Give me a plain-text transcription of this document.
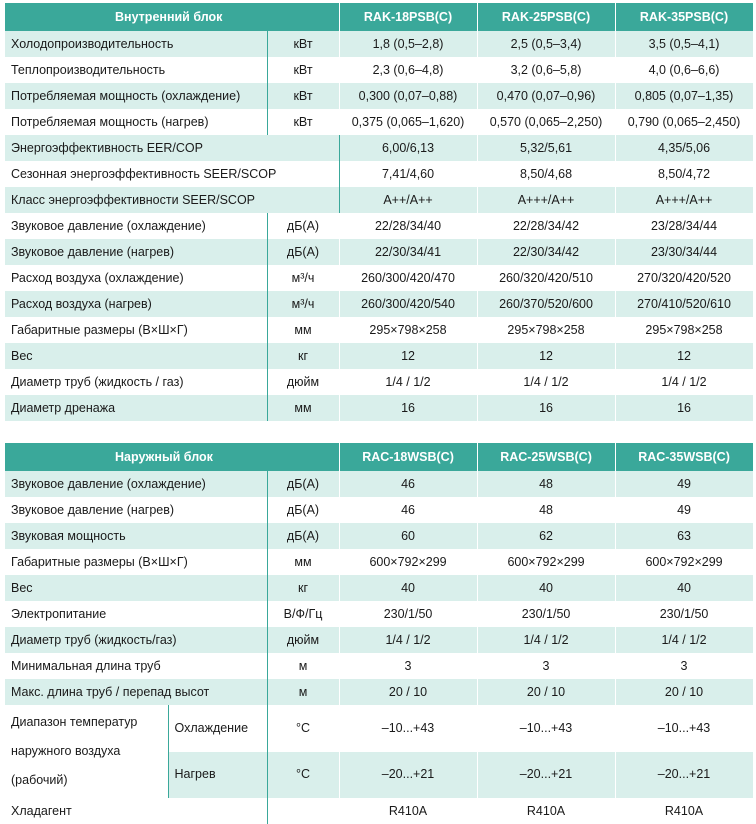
Внутренний блок		RAK-18PSB(C)	RAK-25PSB(C)	RAK-35PSB(C)
Холодопроизводительность	кВт	1,8 (0,5–2,8)	2,5 (0,5–3,4)	3,5 (0,5–4,1)
Теплопроизводительность	кВт	2,3 (0,6–4,8)	3,2 (0,6–5,8)	4,0 (0,6–6,6)
Потребляемая мощность (охлаждение)	кВт	0,300 (0,07–0,88)	0,470 (0,07–0,96)	0,805 (0,07–1,35)
Потребляемая мощность (нагрев)	кВт	0,375 (0,065–1,620)	0,570 (0,065–2,250)	0,790 (0,065–2,450)
Энергоэффективность EER/COP		6,00/6,13	5,32/5,61	4,35/5,06
Сезонная энергоэффективность SEER/SCOP		7,41/4,60	8,50/4,68	8,50/4,72
Класс энергоэффективности SEER/SCOP		A++/A++	A+++/A++	A+++/A++
Звуковое давление (охлаждение)	дБ(А)	22/28/34/40	22/28/34/42	23/28/34/44
Звуковое давление (нагрев)	дБ(А)	22/30/34/41	22/30/34/42	23/30/34/44
Расход воздуха (охлаждение)	м³/ч	260/300/420/470	260/320/420/510	270/320/420/520
Расход воздуха (нагрев)	м³/ч	260/300/420/540	260/370/520/600	270/410/520/610
Габаритные размеры (В×Ш×Г)	мм	295×798×258	295×798×258	295×798×258
Вес	кг	12	12	12
Диаметр труб (жидкость / газ)	дюйм	1/4 / 1/2	1/4 / 1/2	1/4 / 1/2
Диаметр дренажа	мм	16	16	16
Наружный блок			RAC-18WSB(C)	RAC-25WSB(C)	RAC-35WSB(C)
Звуковое давление (охлаждение)		дБ(А)	46	48	49
Звуковое давление (нагрев)		дБ(А)	46	48	49
Звуковая мощность		дБ(А)	60	62	63
Габаритные размеры (В×Ш×Г)		мм	600×792×299	600×792×299	600×792×299
Вес		кг	40	40	40
Электропитание		В/Ф/Гц	230/1/50	230/1/50	230/1/50
Диаметр труб (жидкость/газ)		дюйм	1/4 / 1/2	1/4 / 1/2	1/4 / 1/2
Минимальная длина труб		м	3	3	3
Макс. длина труб / перепад высот		м	20 / 10	20 / 10	20 / 10
Диапазон температур наружного воздуха (рабочий)	Охлаждение	°С	–10...+43	–10...+43	–10...+43
	Нагрев	°С	–20...+21	–20...+21	–20...+21
Хладагент			R410A	R410A	R410A
